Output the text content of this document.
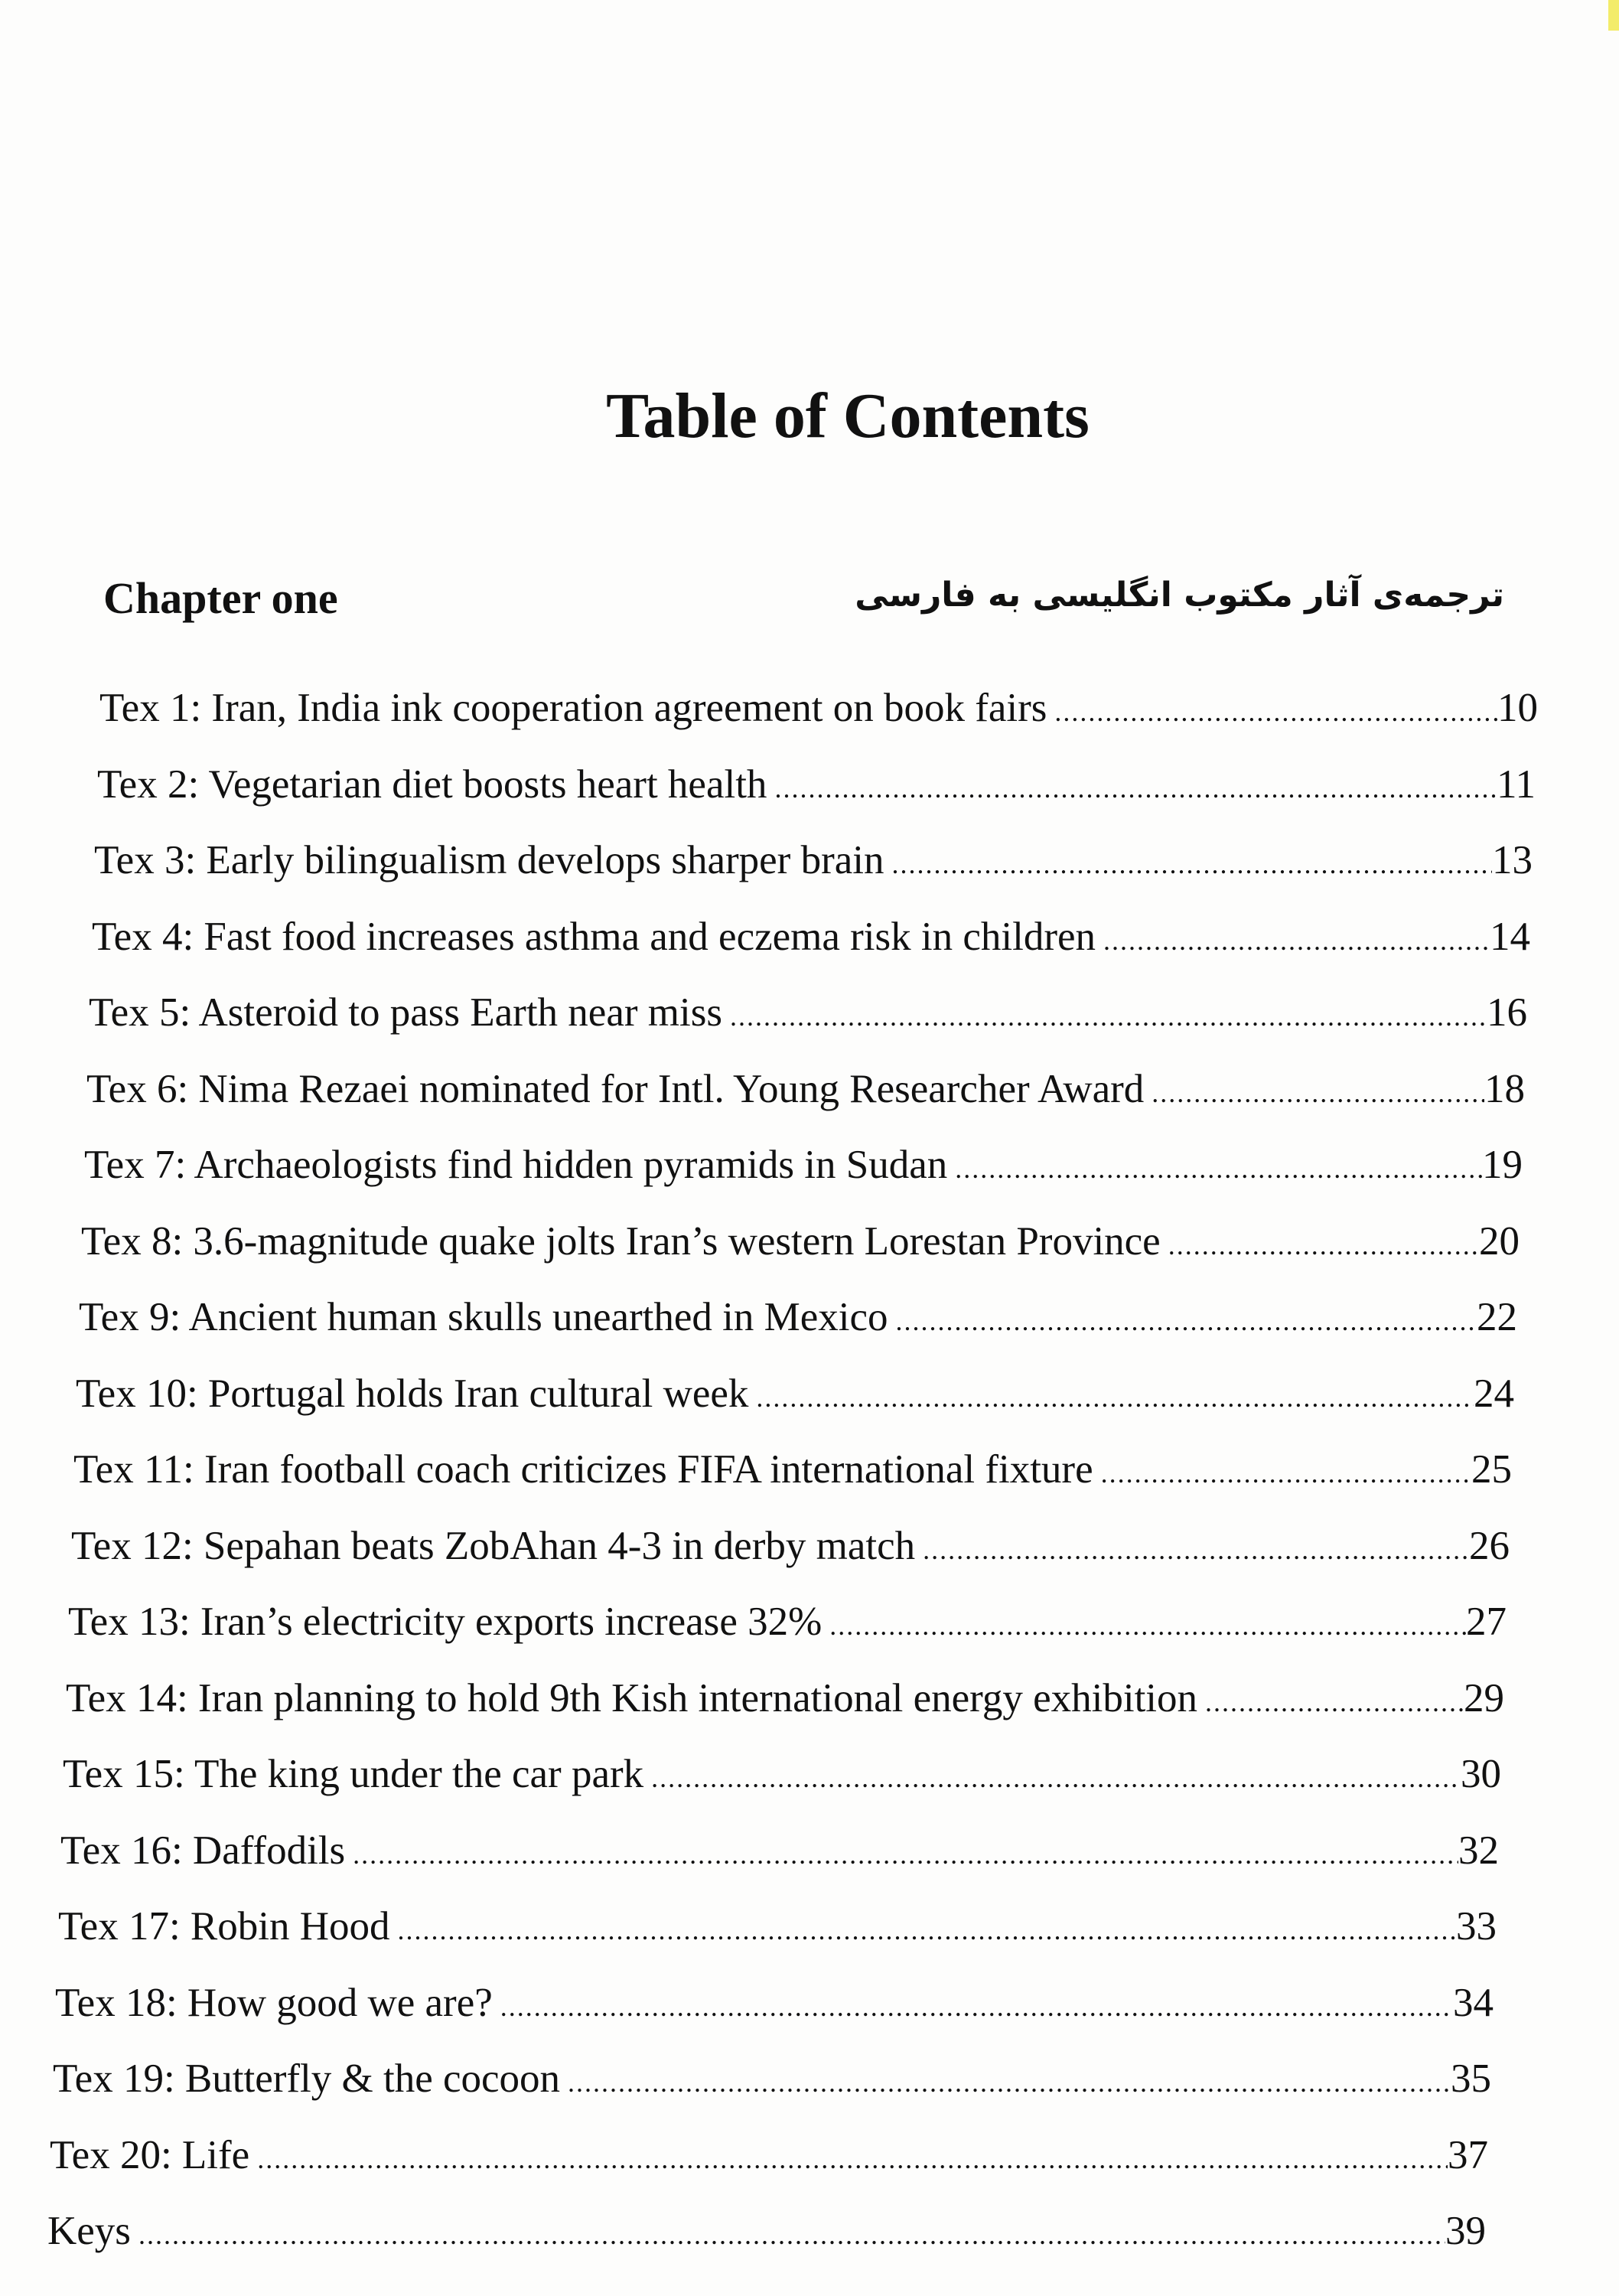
Table of Contents
Chapter one	ترجمه‌ی آثار مکتوب انگلیسی به فارسی
Tex 1: Iran, India ink cooperation agreement on book fairs .....	10
Tex 2: Vegetarian diet boosts heart health .....	11
Tex 3: Early bilingualism develops sharper brain .....	13
Tex 4: Fast food increases asthma and eczema risk in children .....	14
Tex 5: Asteroid to pass Earth near miss .....	16
Tex 6: Nima Rezaei nominated for Intl. Young Researcher Award .....	18
Tex 7: Archaeologists find hidden pyramids in Sudan .....	19
Tex 8: 3.6-magnitude quake jolts Iran’s western Lorestan Province .....	20
Tex 9: Ancient human skulls unearthed in Mexico .....	22
Tex 10: Portugal holds Iran cultural week .....	24
Tex 11: Iran football coach criticizes FIFA international fixture .....	25
Tex 12: Sepahan beats ZobAhan 4-3 in derby match .....	26
Tex 13: Iran’s electricity exports increase 32% .....	27
Tex 14: Iran planning to hold 9th Kish international energy exhibition .....	29
Tex 15: The king under the car park .....	30
Tex 16: Daffodils .....	32
Tex 17: Robin Hood .....	33
Tex 18: How good we are? .....	34
Tex 19: Butterfly & the cocoon .....	35
Tex 20: Life .....	37
Keys .....	39
